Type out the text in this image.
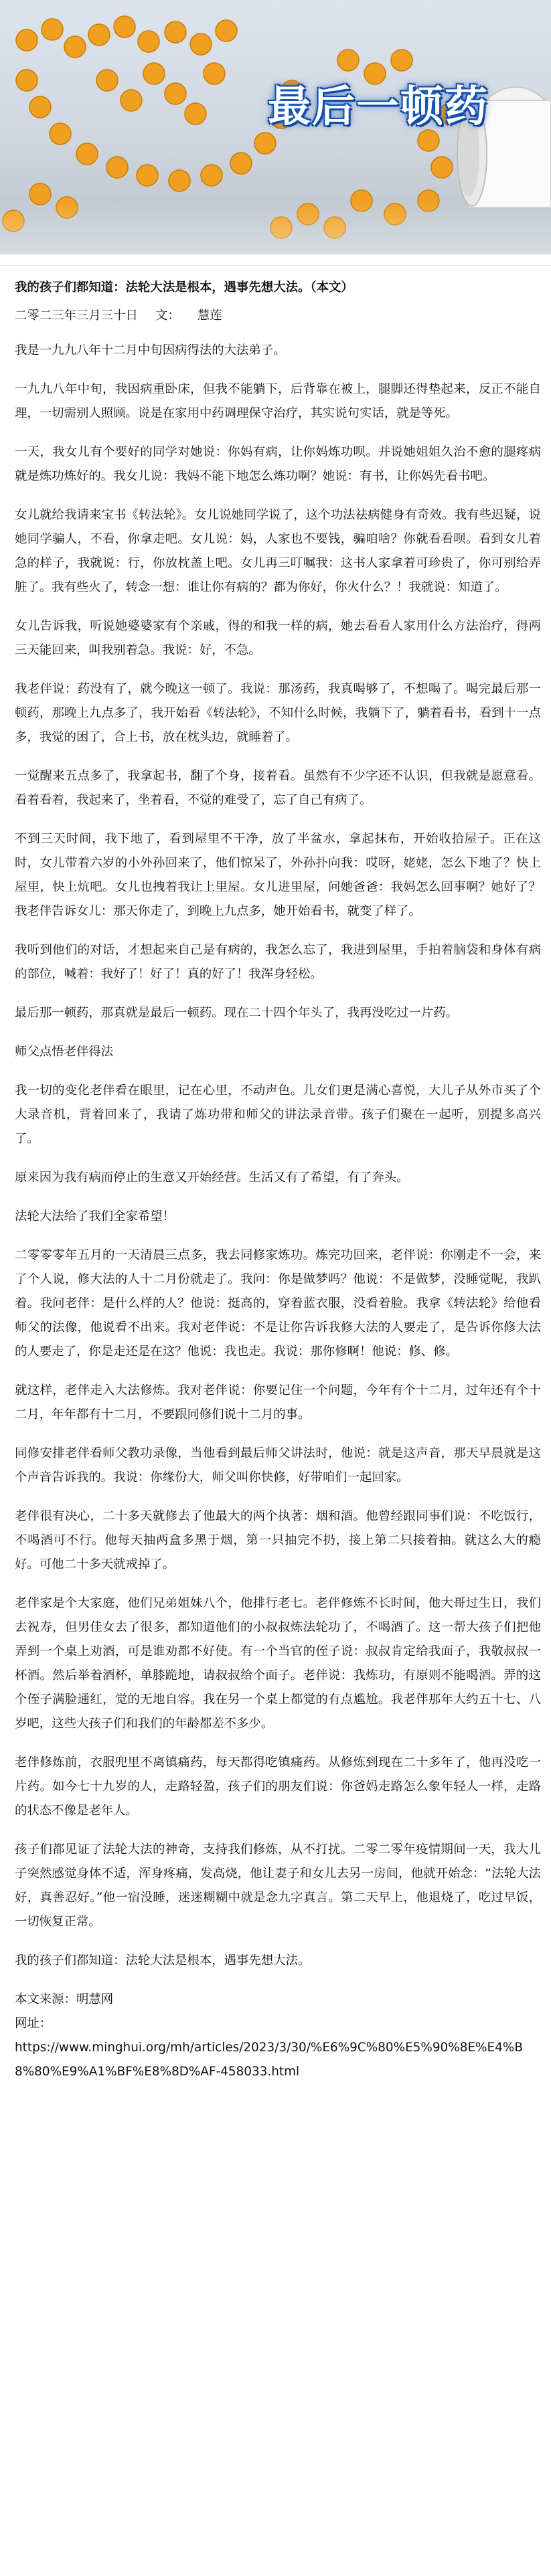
最后一顿药

我的孩子们都知道：法轮大法是根本，遇事先想大法。（本文）

二零二三年三月三十日 文： 慧莲

我是一九九八年十二月中旬因病得法的大法弟子。

一九九八年中旬，我因病重卧床，但我不能躺下，后背靠在被上，腿脚还得垫起来，反正不能自理，一切需别人照顾。说是在家用中药调理保守治疗，其实说句实话，就是等死。

一天，我女儿有个要好的同学对她说：你妈有病，让你妈炼功呗。并说她姐姐久治不愈的腿疼病就是炼功炼好的。我女儿说：我妈不能下地怎么炼功啊？她说：有书，让你妈先看书吧。

女儿就给我请来宝书《转法轮》。女儿说她同学说了，这个功法祛病健身有奇效。我有些迟疑，说她同学骗人，不看，你拿走吧。女儿说：妈，人家也不要钱，骗咱啥？你就看看呗。看到女儿着急的样子，我就说：行，你放枕盖上吧。女儿再三叮嘱我：这书人家拿着可珍贵了，你可别给弄脏了。我有些火了，转念一想：谁让你有病的？都为你好，你火什么？！我就说：知道了。

女儿告诉我，听说她婆婆家有个亲戚，得的和我一样的病，她去看看人家用什么方法治疗，得两三天能回来，叫我别着急。我说：好，不急。

我老伴说：药没有了，就今晚这一顿了。我说：那汤药，我真喝够了，不想喝了。喝完最后那一顿药，那晚上九点多了，我开始看《转法轮》，不知什么时候，我躺下了，躺着看书，看到十一点多，我觉的困了，合上书，放在枕头边，就睡着了。

一觉醒来五点多了，我拿起书，翻了个身，接着看。虽然有不少字还不认识，但我就是愿意看。看着看着，我起来了，坐着看，不觉的难受了，忘了自己有病了。

不到三天时间，我下地了，看到屋里不干净，放了半盆水，拿起抹布，开始收拾屋子。正在这时，女儿带着六岁的小外孙回来了，他们惊呆了，外孙扑向我：哎呀，姥姥，怎么下地了？快上屋里，快上炕吧。女儿也拽着我让上里屋。女儿进里屋，问她爸爸：我妈怎么回事啊？她好了？我老伴告诉女儿：那天你走了，到晚上九点多，她开始看书，就变了样了。

我听到他们的对话，才想起来自己是有病的，我怎么忘了，我进到屋里，手拍着脑袋和身体有病的部位，喊着：我好了！好了！真的好了！我浑身轻松。

最后那一顿药，那真就是最后一顿药。现在二十四个年头了，我再没吃过一片药。

师父点悟老伴得法

我一切的变化老伴看在眼里，记在心里，不动声色。儿女们更是满心喜悦，大儿子从外市买了个大录音机，背着回来了，我请了炼功带和师父的讲法录音带。孩子们聚在一起听，别提多高兴了。

原来因为我有病而停止的生意又开始经营。生活又有了希望，有了奔头。

法轮大法给了我们全家希望！

二零零零年五月的一天清晨三点多，我去同修家炼功。炼完功回来，老伴说：你刚走不一会，来了个人说，修大法的人十二月份就走了。我问：你是做梦吗？他说：不是做梦，没睡觉呢，我趴着。我问老伴：是什么样的人？他说：挺高的，穿着蓝衣服，没看着脸。我拿《转法轮》给他看师父的法像，他说看不出来。我对老伴说：不是让你告诉我修大法的人要走了，是告诉你修大法的人要走了，你是走还是在这？他说：我也走。我说：那你修啊！他说：修、修。

就这样，老伴走入大法修炼。我对老伴说：你要记住一个问题，今年有个十二月，过年还有个十二月，年年都有十二月，不要跟同修们说十二月的事。

同修安排老伴看师父教功录像，当他看到最后师父讲法时，他说：就是这声音，那天早晨就是这个声音告诉我的。我说：你缘份大，师父叫你快修，好带咱们一起回家。

老伴很有决心，二十多天就修去了他最大的两个执著：烟和酒。他曾经跟同事们说：不吃饭行，不喝酒可不行。他每天抽两盒多黑于烟，第一只抽完不扔，接上第二只接着抽。就这么大的瘾好。可他二十多天就戒掉了。

老伴家是个大家庭，他们兄弟姐妹八个，他排行老七。老伴修炼不长时间，他大哥过生日，我们去祝寿，但男佳女去了很多，都知道他们的小叔叔炼法轮功了，不喝酒了。这一帮大孩子们把他弄到一个桌上劝酒，可是谁劝都不好使。有一个当官的侄子说：叔叔肯定给我面子，我敬叔叔一杯酒。然后举着酒杯，单膝跪地，请叔叔给个面子。老伴说：我炼功，有原则不能喝酒。弄的这个侄子满脸通红，觉的无地自容。我在另一个桌上都觉的有点尴尬。我老伴那年大约五十七、八岁吧，这些大孩子们和我们的年龄都差不多少。

老伴修炼前，衣服兜里不离镇痛药，每天都得吃镇痛药。从修炼到现在二十多年了，他再没吃一片药。如今七十九岁的人，走路轻盈，孩子们的朋友们说：你爸妈走路怎么象年轻人一样，走路的状态不像是老年人。

孩子们都见证了法轮大法的神奇，支持我们修炼，从不打扰。二零二零年疫情期间一天，我大儿子突然感觉身体不适，浑身疼痛，发高烧，他让妻子和女儿去另一房间，他就开始念：“法轮大法好，真善忍好。”他一宿没睡，迷迷糊糊中就是念九字真言。第二天早上，他退烧了，吃过早饭，一切恢复正常。

我的孩子们都知道：法轮大法是根本，遇事先想大法。

本文来源：明慧网

网址：

https://www.minghui.org/mh/articles/2023/3/30/%E6%9C%80%E5%90%8E%E4%B8%80%E9%A1%BF%E8%8D%AF-458033.html
